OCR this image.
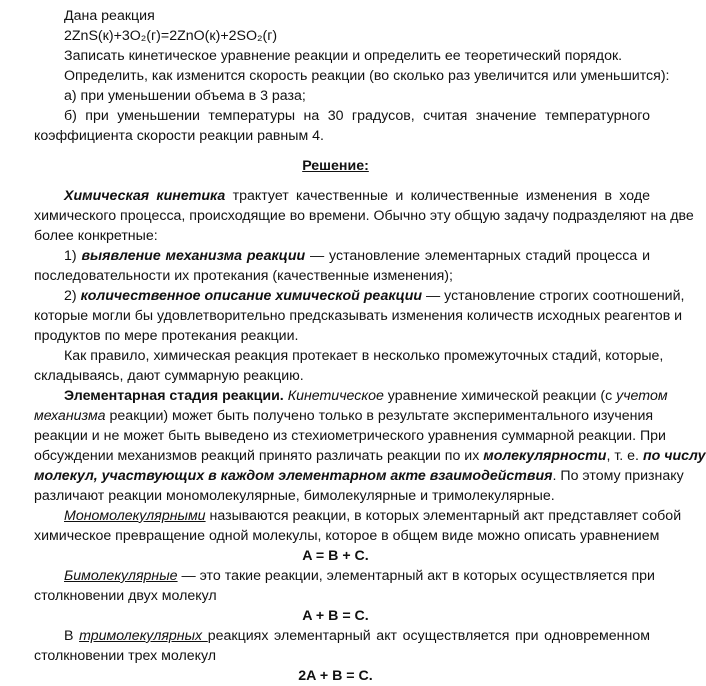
Дана реакция
2ZnS(к)+3O₂(г)=2ZnO(к)+2SO₂(г)
Записать кинетическое уравнение реакции и определить ее теоретический порядок.
Определить, как изменится скорость реакции (во сколько раз увеличится или уменьшится):
а) при уменьшении объема в 3 раза;
б) при уменьшении температуры на 30 градусов, считая значение температурного
коэффициента скорости реакции равным 4.
Решение:
Химическая кинетика трактует качественные и количественные изменения в ходе
химического процесса, происходящие во времени. Обычно эту общую задачу подразделяют на две
более конкретные:
1) выявление механизма реакции — установление элементарных стадий процесса и
последовательности их протекания (качественные изменения);
2) количественное описание химической реакции — установление строгих соотношений,
которые могли бы удовлетворительно предсказывать изменения количеств исходных реагентов и
продуктов по мере протекания реакции.
Как правило, химическая реакция протекает в несколько промежуточных стадий, которые,
складываясь, дают суммарную реакцию.
Элементарная стадия реакции. Кинетическое уравнение химической реакции (с учетом
механизма реакции) может быть получено только в результате экспериментального изучения
реакции и не может быть выведено из стехиометрического уравнения суммарной реакции. При
обсуждении механизмов реакций принято различать реакции по их молекулярности, т. е. по числу
молекул, участвующих в каждом элементарном акте взаимодействия. По этому признаку
различают реакции мономолекулярные, бимолекулярные и тримолекулярные.
Мономолекулярными называются реакции, в которых элементарный акт представляет собой
химическое превращение одной молекулы, которое в общем виде можно описать уравнением
A = B + C.
Бимолекулярные — это такие реакции, элементарный акт в которых осуществляется при
столкновении двух молекул
A + B = C.
В тримолекулярных реакциях элементарный акт осуществляется при одновременном
столкновении трех молекул
2A + B = C.
